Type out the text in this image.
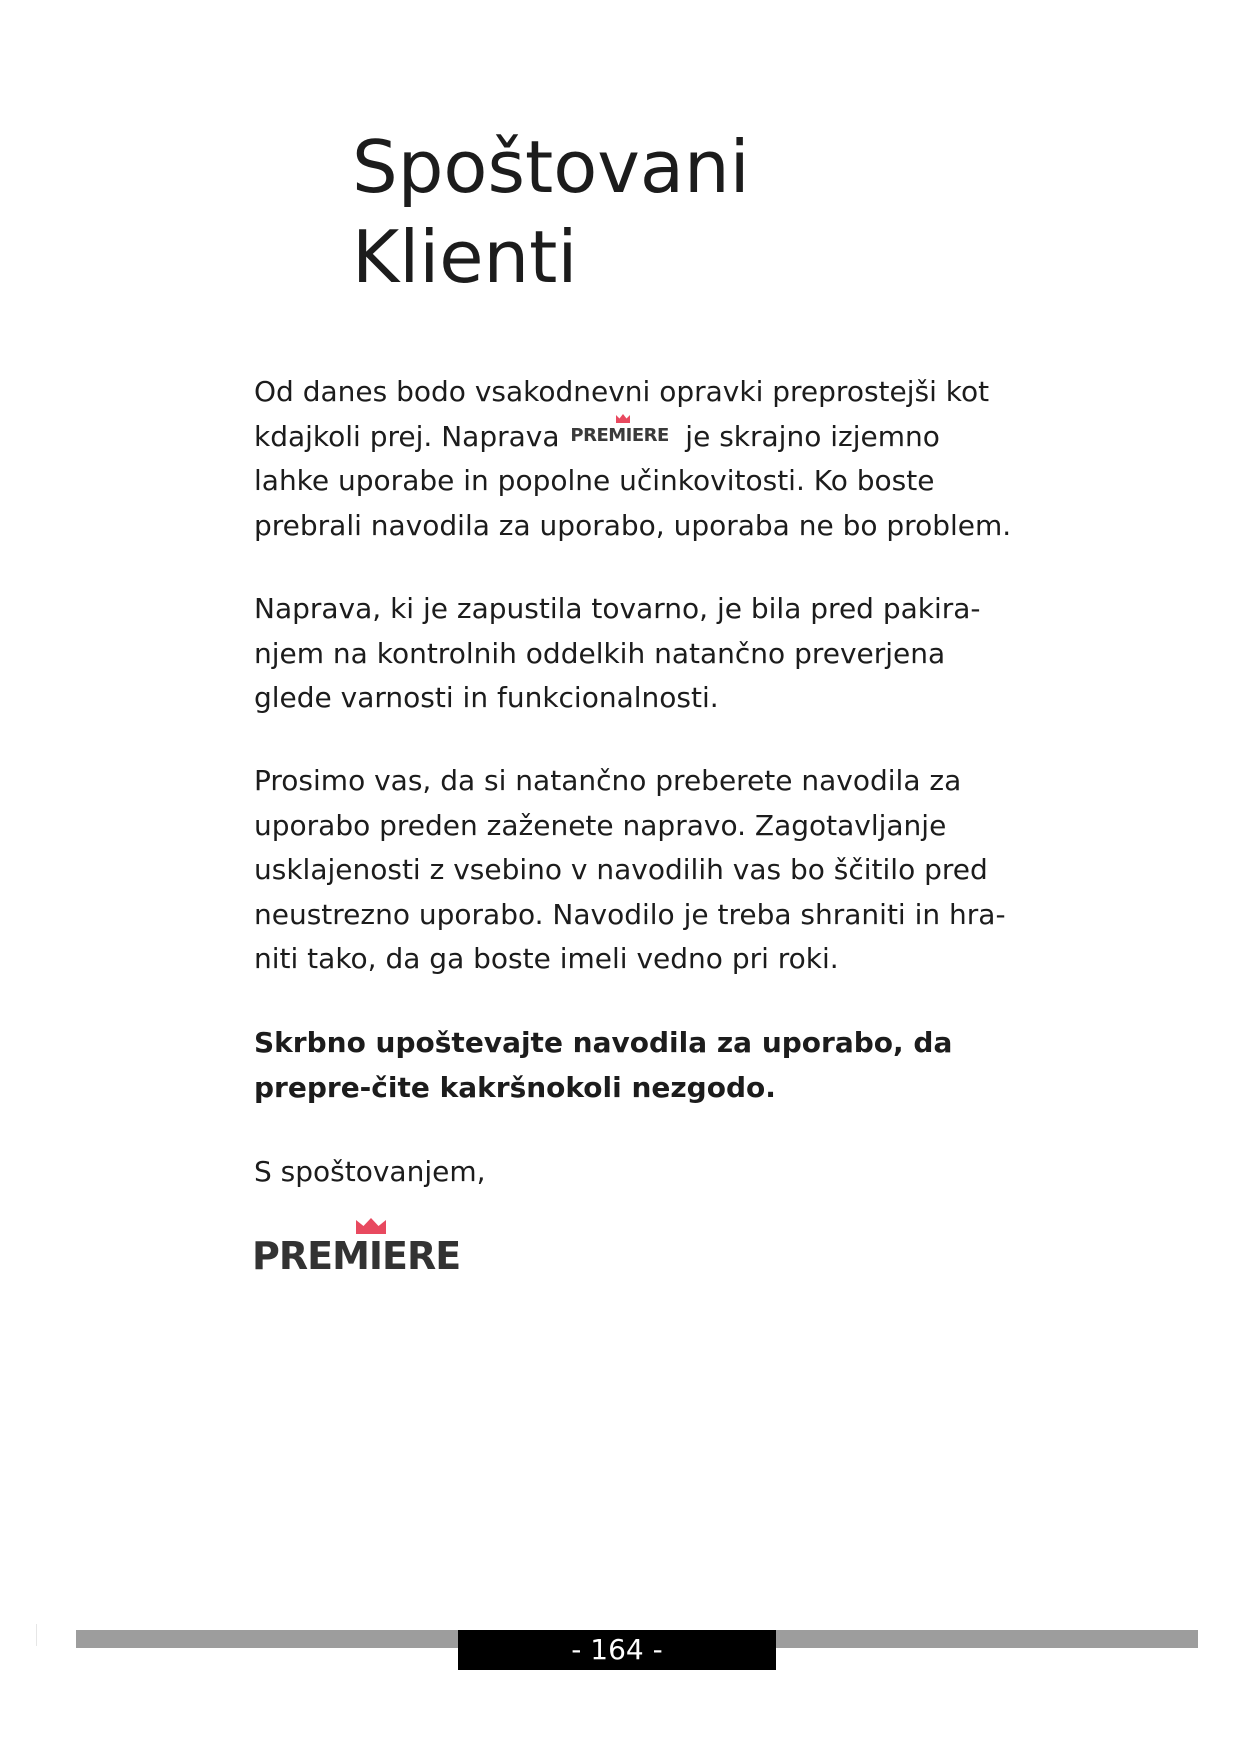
Spoštovani
Klienti

Od danes bodo vsakodnevni opravki preprostejši kot kdajkoli prej. Naprava PREMIERE je skrajno izjemno lahke uporabe in popolne učinkovitosti. Ko boste prebrali navodila za uporabo, uporaba ne bo problem.

Naprava, ki je zapustila tovarno, je bila pred pakira-njem na kontrolnih oddelkih natančno preverjena glede varnosti in funkcionalnosti.

Prosimo vas, da si natančno preberete navodila za uporabo preden zaženete napravo. Zagotavljanje usklajenosti z vsebino v navodilih vas bo ščitilo pred neustrezno uporabo. Navodilo je treba shraniti in hra-niti tako, da ga boste imeli vedno pri roki.

Skrbno upoštevajte navodila za uporabo, da prepre-čite kakršnokoli nezgodo.

S spoštovanjem,

PREMIERE
- 164 -
